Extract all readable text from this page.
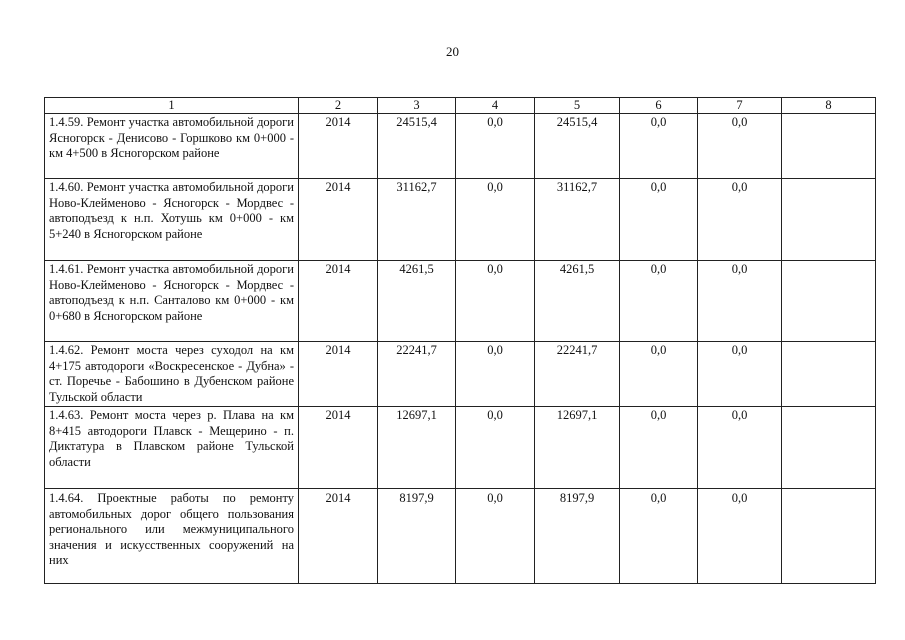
20
1	2	3	4	5	6	7	8
1.4.59. Ремонт участка автомобильной дороги Ясногорск - Денисово - Горшково км 0+000 - км 4+500 в Ясногорском районе	2014	24515,4	0,0	24515,4	0,0	0,0	
1.4.60. Ремонт участка автомобильной дороги Ново-Клейменово - Ясногорск - Мордвес - автоподъезд к н.п. Хотушь км 0+000 - км 5+240 в Ясногорском районе	2014	31162,7	0,0	31162,7	0,0	0,0	
1.4.61. Ремонт участка автомобильной дороги Ново-Клейменово - Ясногорск - Мордвес - автоподъезд к н.п. Санталово км 0+000 - км 0+680 в Ясногорском районе	2014	4261,5	0,0	4261,5	0,0	0,0	
1.4.62. Ремонт моста через суходол на км 4+175 автодороги «Воскресенское - Дубна» - ст. Поречье - Бабошино в Дубенском районе Тульской области	2014	22241,7	0,0	22241,7	0,0	0,0	
1.4.63. Ремонт моста через р. Плава на км 8+415 автодороги Плавск - Мещерино - п. Диктатура в Плавском районе Тульской области	2014	12697,1	0,0	12697,1	0,0	0,0	
1.4.64. Проектные работы по ремонту автомобильных дорог общего пользования регионального или межмуниципального значения и искусственных сооружений на них	2014	8197,9	0,0	8197,9	0,0	0,0	
